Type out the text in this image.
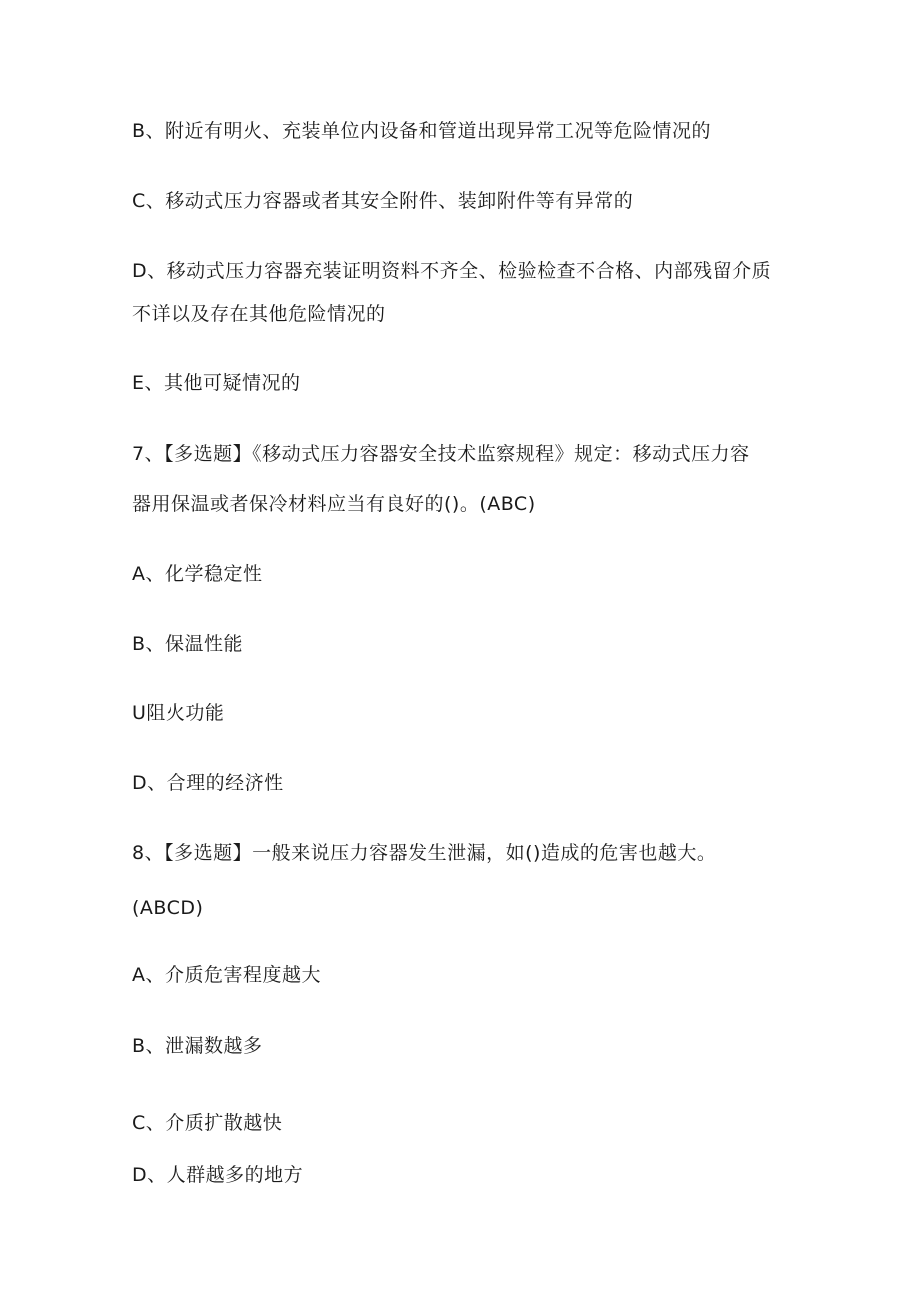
B、附近有明火、充装单位内设备和管道出现异常工况等危险情况的
C、移动式压力容器或者其安全附件、装卸附件等有异常的
D、移动式压力容器充装证明资料不齐全、检验检查不合格、内部残留介质
不详以及存在其他危险情况的
E、其他可疑情况的
7、【多选题】《移动式压力容器安全技术监察规程》规定：移动式压力容
器用保温或者保冷材料应当有良好的()。(ABC)
A、化学稳定性
B、保温性能
U阻火功能
D、合理的经济性
8、【多选题】一般来说压力容器发生泄漏，如()造成的危害也越大。
(ABCD)
A、介质危害程度越大
B、泄漏数越多
C、介质扩散越快
D、人群越多的地方
